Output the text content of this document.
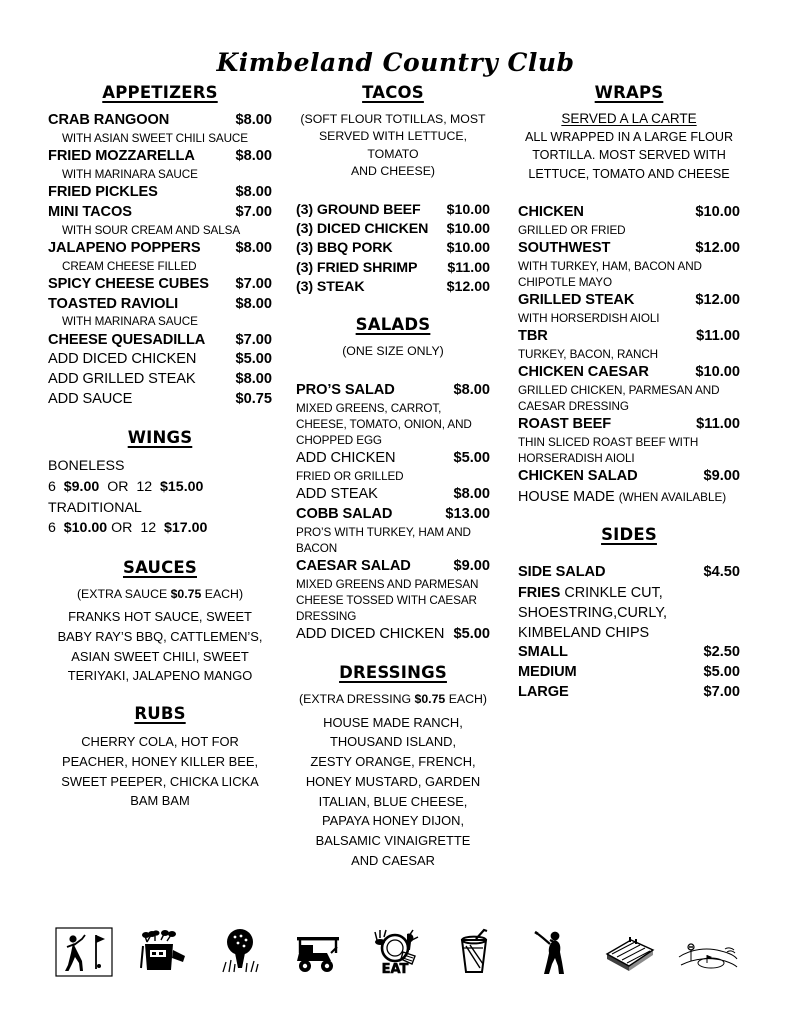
Kimbeland Country Club
APPETIZERS
CRAB RANGOON	$8.00
WITH ASIAN SWEET CHILI SAUCE
FRIED MOZZARELLA	$8.00
WITH MARINARA SAUCE
FRIED PICKLES	$8.00
MINI TACOS	$7.00
WITH SOUR CREAM AND SALSA
JALAPENO POPPERS	$8.00
CREAM CHEESE FILLED
SPICY CHEESE CUBES	$7.00
TOASTED RAVIOLI	$8.00
WITH MARINARA SAUCE
CHEESE QUESADILLA	$7.00
ADD DICED CHICKEN	$5.00
ADD GRILLED STEAK	$8.00
ADD SAUCE	$0.75
WINGS
BONELESS
6 $9.00 OR 12 $15.00
TRADITIONAL
6 $10.00 OR 12 $17.00
SAUCES
(EXTRA SAUCE $0.75 EACH)
FRANKS HOT SAUCE, SWEET
BABY RAY’S BBQ, CATTLEMEN’S,
ASIAN SWEET CHILI, SWEET
TERIYAKI, JALAPENO MANGO
RUBS
CHERRY COLA, HOT FOR
PEACHER, HONEY KILLER BEE,
SWEET PEEPER, CHICKA LICKA
BAM BAM
TACOS
(SOFT FLOUR TOTILLAS, MOST
SERVED WITH LETTUCE, TOMATO
AND CHEESE)
(3) GROUND BEEF	$10.00
(3) DICED CHICKEN	$10.00
(3) BBQ PORK	$10.00
(3) FRIED SHRIMP	$11.00
(3) STEAK	$12.00
SALADS
(ONE SIZE ONLY)
PRO’S SALAD	$8.00
MIXED GREENS, CARROT, CHEESE, TOMATO, ONION, AND CHOPPED EGG
ADD CHICKEN	$5.00
FRIED OR GRILLED
ADD STEAK	$8.00
COBB SALAD	$13.00
PRO’S WITH TURKEY, HAM AND BACON
CAESAR SALAD	$9.00
MIXED GREENS AND PARMESAN CHEESE TOSSED WITH CAESAR DRESSING
ADD DICED CHICKEN $5.00
DRESSINGS
(EXTRA DRESSING $0.75 EACH)
HOUSE MADE RANCH,
THOUSAND ISLAND,
ZESTY ORANGE, FRENCH,
HONEY MUSTARD, GARDEN
ITALIAN, BLUE CHEESE,
PAPAYA HONEY DIJON,
BALSAMIC VINAIGRETTE
AND CAESAR
WRAPS
SERVED A LA CARTE
ALL WRAPPED IN A LARGE FLOUR
TORTILLA. MOST SERVED WITH
LETTUCE, TOMATO AND CHEESE
CHICKEN	$10.00
GRILLED OR FRIED
SOUTHWEST	$12.00
WITH TURKEY, HAM, BACON AND CHIPOTLE MAYO
GRILLED STEAK	$12.00
WITH HORSERDISH AIOLI
TBR	$11.00
TURKEY, BACON, RANCH
CHICKEN CAESAR	$10.00
GRILLED CHICKEN, PARMESAN AND CAESAR DRESSING
ROAST BEEF	$11.00
THIN SLICED ROAST BEEF WITH HORSERADISH AIOLI
CHICKEN SALAD	$9.00
HOUSE MADE (WHEN AVAILABLE)
SIDES
SIDE SALAD	$4.50
FRIES CRINKLE CUT,
SHOESTRING,CURLY,
KIMBELAND CHIPS
SMALL	$2.50
MEDIUM	$5.00
LARGE	$7.00
EAT
